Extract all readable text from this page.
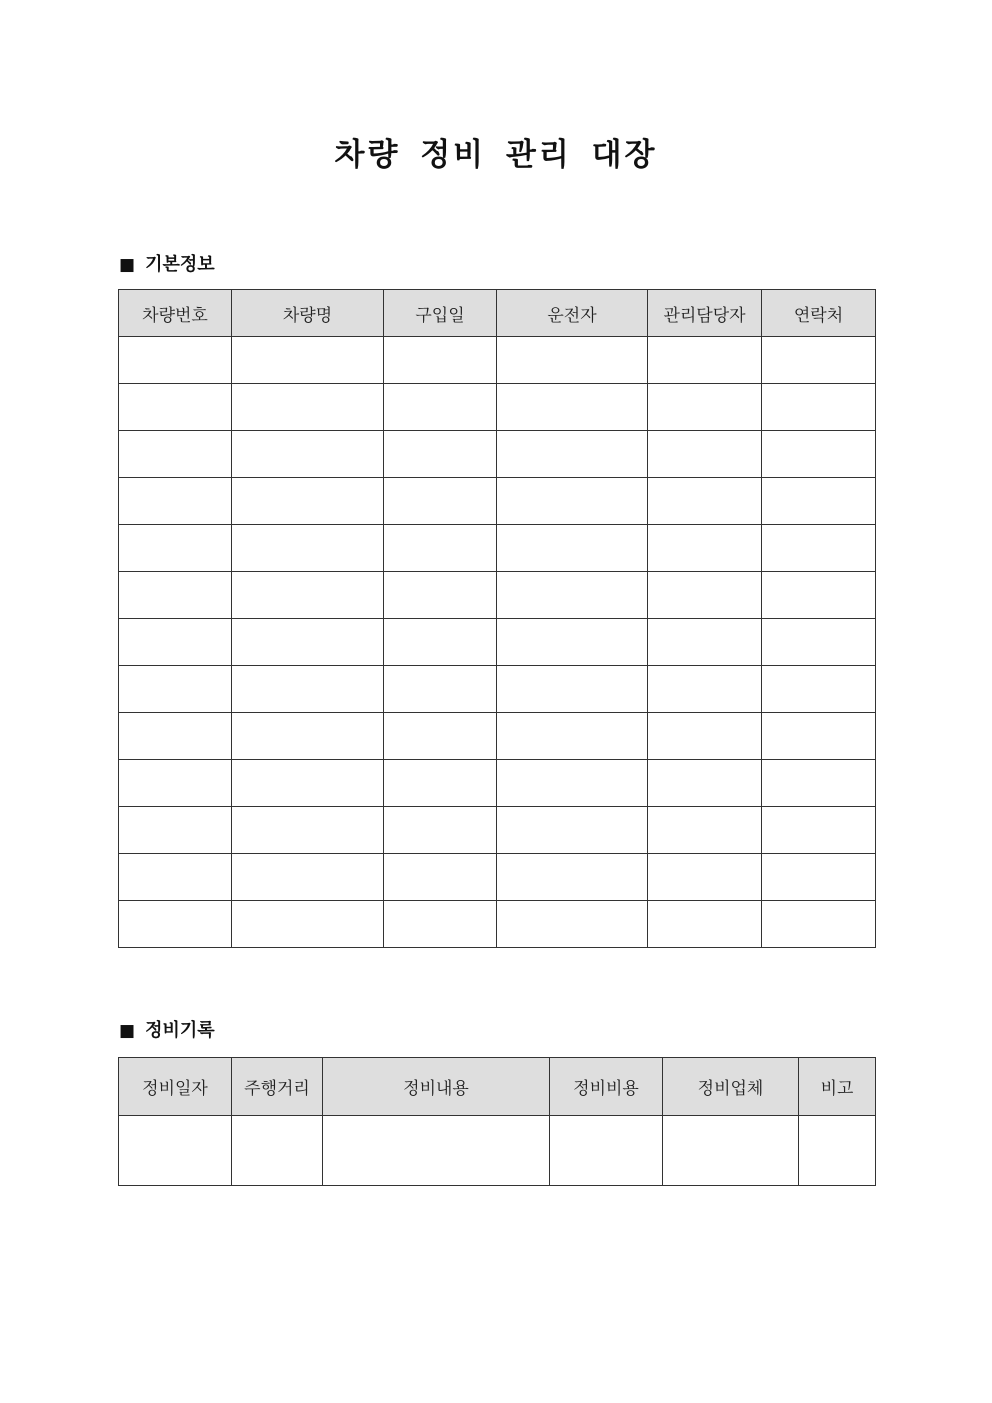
차량 정비 관리 대장
■ 기본정보
차량번호	차량명	구입일	운전자	관리담당자	연락처

■ 정비기록
정비일자	주행거리	정비내용	정비비용	정비업체	비고
